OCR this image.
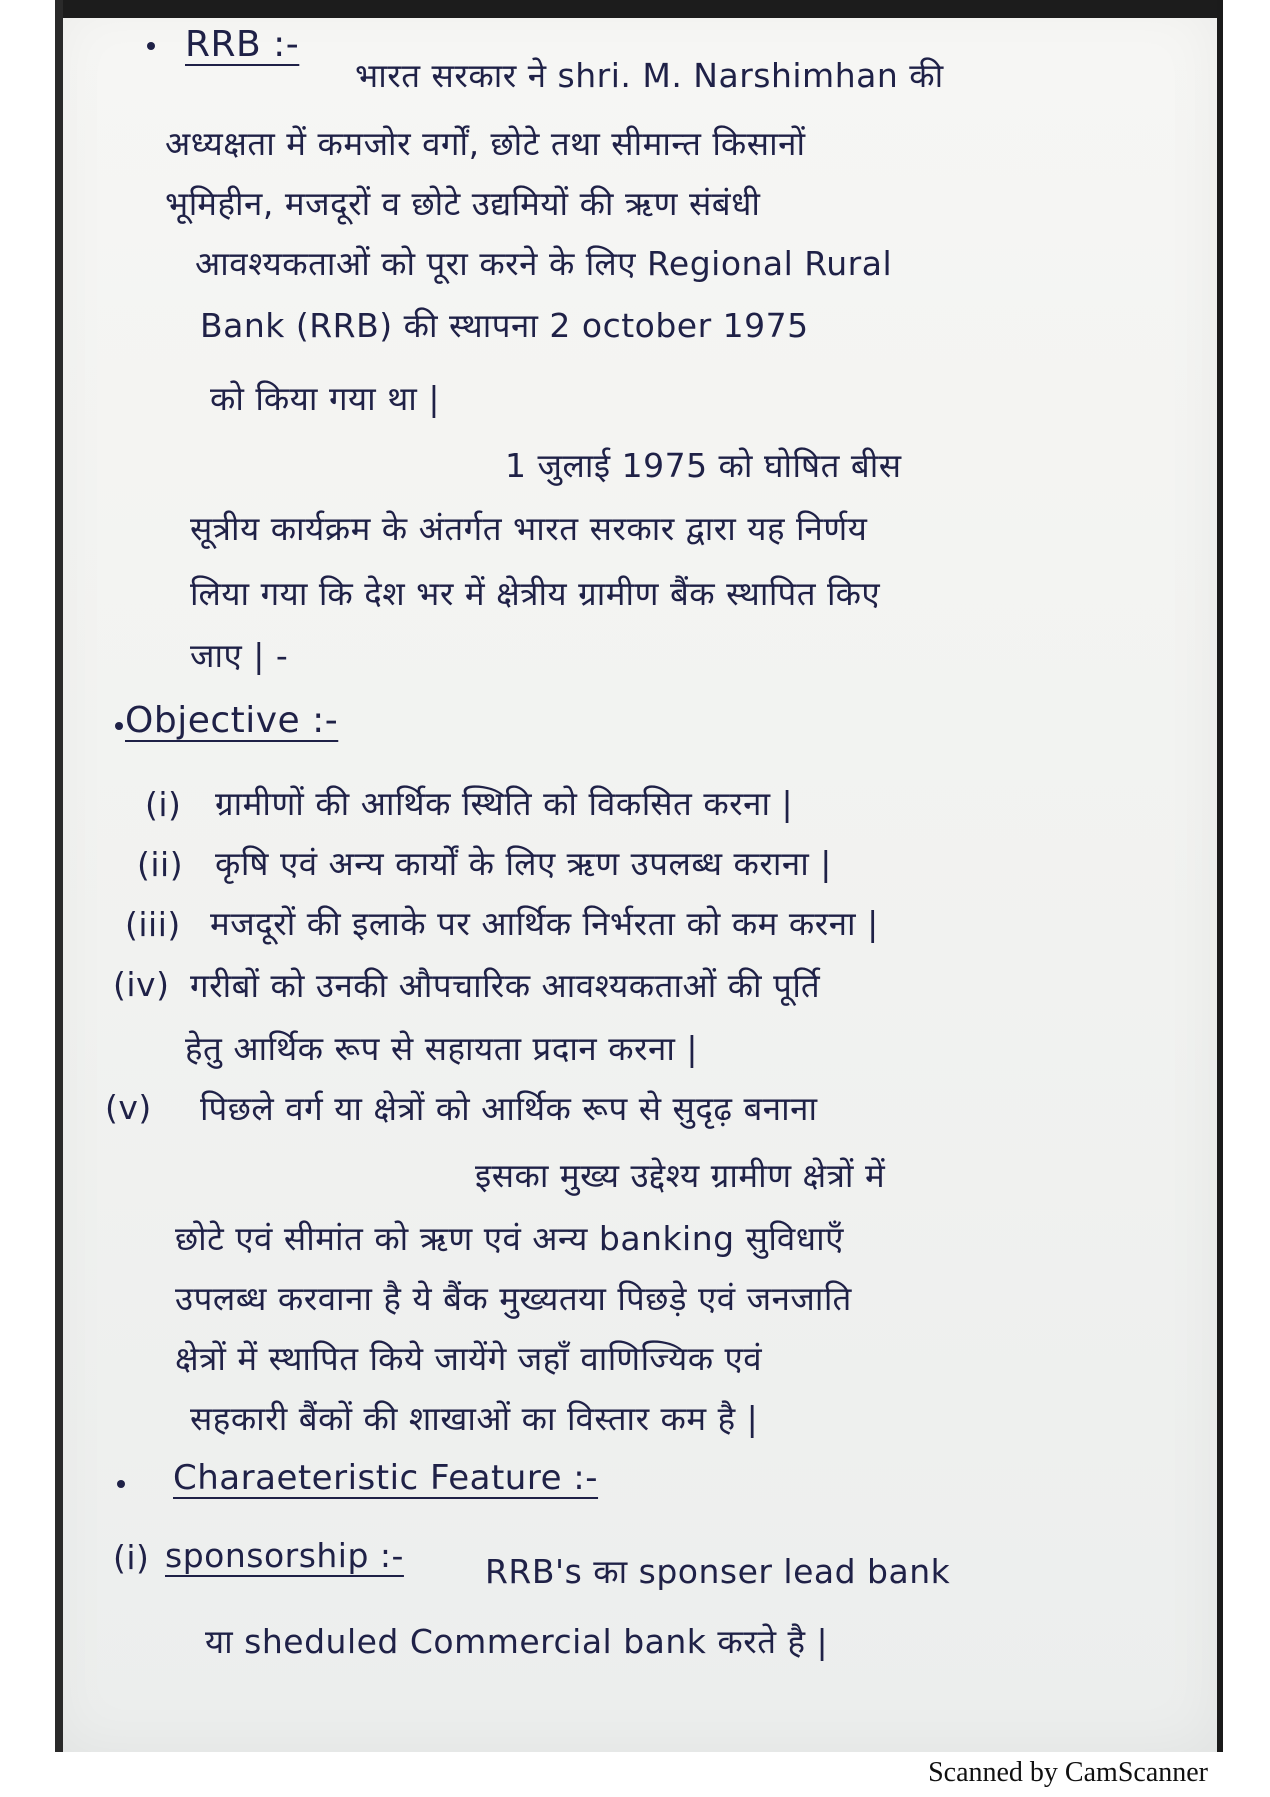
RRB :-
भारत सरकार ने shri. M. Narshimhan की
अध्यक्षता में कमजोर वर्गों, छोटे तथा सीमान्त किसानों
भूमिहीन, मजदूरों व छोटे उद्यमियों की ऋण संबंधी
आवश्यकताओं को पूरा करने के लिए Regional Rural
Bank (RRB) की स्थापना 2 october 1975
को किया गया था |
1 जुलाई 1975 को घोषित बीस
सूत्रीय कार्यक्रम के अंतर्गत भारत सरकार द्वारा यह निर्णय
लिया गया कि देश भर में क्षेत्रीय ग्रामीण बैंक स्थापित किए
जाए | -
Objective :-
(i) ग्रामीणों की आर्थिक स्थिति को विकसित करना |
(ii) कृषि एवं अन्य कार्यों के लिए ऋण उपलब्ध कराना |
(iii) मजदूरों की इलाके पर आर्थिक निर्भरता को कम करना |
(iv) गरीबों को उनकी औपचारिक आवश्यकताओं की पूर्ति
हेतु आर्थिक रूप से सहायता प्रदान करना |
(v) पिछले वर्ग या क्षेत्रों को आर्थिक रूप से सुदृढ़ बनाना
इसका मुख्य उद्देश्य ग्रामीण क्षेत्रों में
छोटे एवं सीमांत को ऋण एवं अन्य banking सुविधाएँ
उपलब्ध करवाना है ये बैंक मुख्यतया पिछड़े एवं जनजाति
क्षेत्रों में स्थापित किये जायेंगे जहाँ वाणिज्यिक एवं
सहकारी बैंकों की शाखाओं का विस्तार कम है |
Charaeteristic Feature :-
(i) sponsorship :- RRB's का sponser lead bank
या sheduled Commercial bank करते है |
Scanned by CamScanner
